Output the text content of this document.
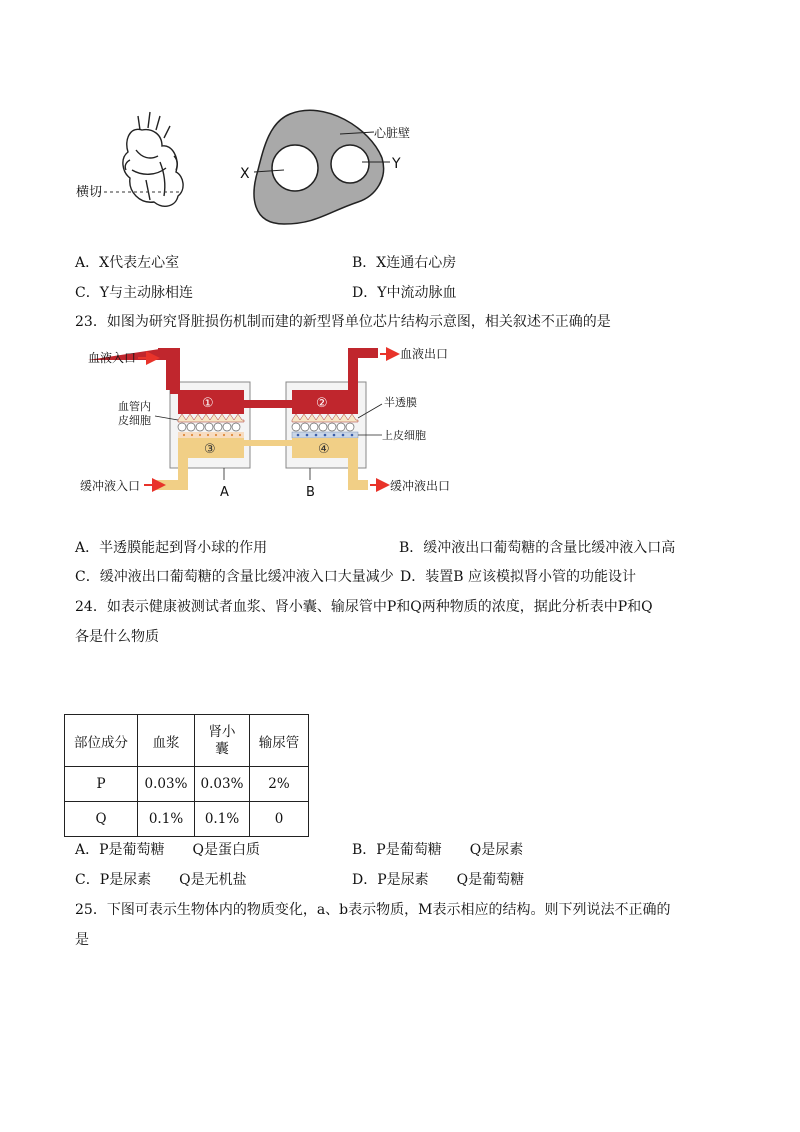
横切
X
Y
心脏壁
A．X代表左心室	B．X连通右心房
C．Y与主动脉相连	D．Y中流动脉血
23．如图为研究肾脏损伤机制而建的新型肾单位芯片结构示意图，相关叙述不正确的是
①	②
③	④
血液入口	血液出口
血管内
皮细胞
半透膜
上皮细胞
缓冲液入口	缓冲液出口
A	B
A．半透膜能起到肾小球的作用	B．缓冲液出口葡萄糖的含量比缓冲液入口高
C．缓冲液出口葡萄糖的含量比缓冲液入口大量减少 D．装置B 应该模拟肾小管的功能设计
24．如表示健康被测试者血浆、肾小囊、输尿管中P和Q两种物质的浓度，据此分析表中P和Q
各是什么物质
部位成分	血浆	肾小囊	输尿管
P	0.03%	0.03%	2%
Q	0.1%	0.1%	0
A．P是葡萄糖　　Q是蛋白质	B．P是葡萄糖　　Q是尿素
C．P是尿素　　Q是无机盐	D．P是尿素　　Q是葡萄糖
25．下图可表示生物体内的物质变化，a、b表示物质，M表示相应的结构。则下列说法不正确的
是
